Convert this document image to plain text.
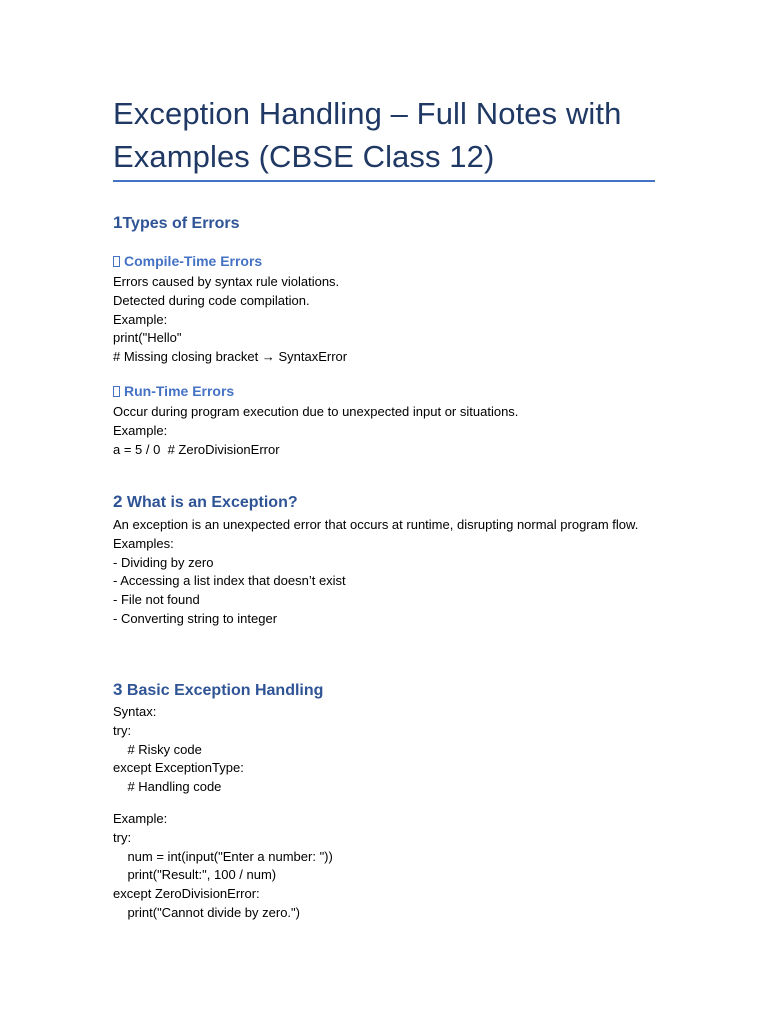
Exception Handling – Full Notes with
Examples (CBSE Class 12)
1Types of Errors
Compile-Time Errors
Errors caused by syntax rule violations.
Detected during code compilation.
Example:
print("Hello"
# Missing closing bracket → SyntaxError
Run-Time Errors
Occur during program execution due to unexpected input or situations.
Example:
a = 5 / 0  # ZeroDivisionError
2 What is an Exception?
An exception is an unexpected error that occurs at runtime, disrupting normal program flow.
Examples:
- Dividing by zero
- Accessing a list index that doesn’t exist
- File not found
- Converting string to integer
3 Basic Exception Handling
Syntax:
try:
# Risky code
except ExceptionType:
# Handling code
Example:
try:
num = int(input("Enter a number: "))
print("Result:", 100 / num)
except ZeroDivisionError:
print("Cannot divide by zero.")
